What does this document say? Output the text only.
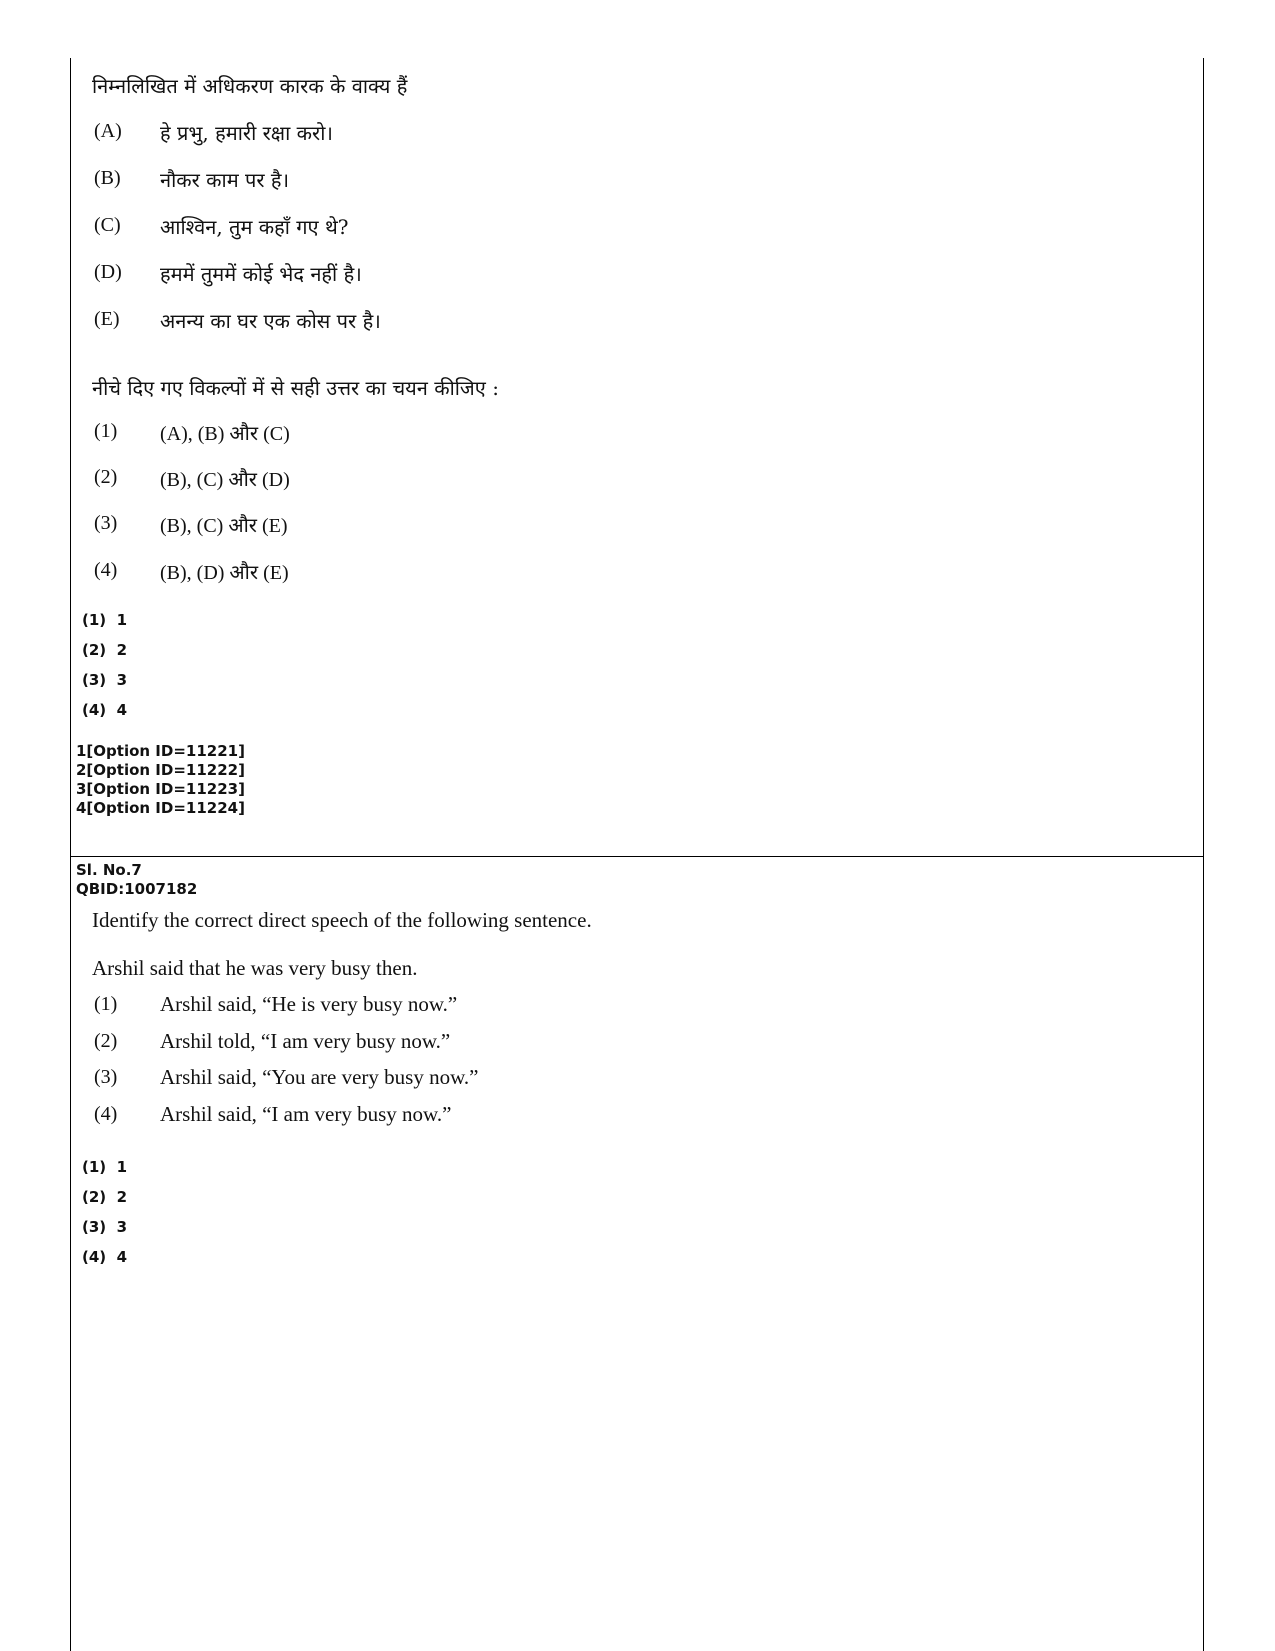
निम्नलिखित में अधिकरण कारक के वाक्य हैं
(A) हे प्रभु, हमारी रक्षा करो।
(B) नौकर काम पर है।
(C) आश्विन, तुम कहाँ गए थे?
(D) हममें तुममें कोई भेद नहीं है।
(E) अनन्य का घर एक कोस पर है।
नीचे दिए गए विकल्पों में से सही उत्तर का चयन कीजिए :
(1) (A), (B) और (C)
(2) (B), (C) और (D)
(3) (B), (C) और (E)
(4) (B), (D) और (E)
(1) 1
(2) 2
(3) 3
(4) 4
1[Option ID=11221]
2[Option ID=11222]
3[Option ID=11223]
4[Option ID=11224]
Sl. No.7
QBID:1007182
Identify the correct direct speech of the following sentence.
Arshil said that he was very busy then.
(1) Arshil said, “He is very busy now.”
(2) Arshil told, “I am very busy now.”
(3) Arshil said, “You are very busy now.”
(4) Arshil said, “I am very busy now.”
(1) 1
(2) 2
(3) 3
(4) 4
